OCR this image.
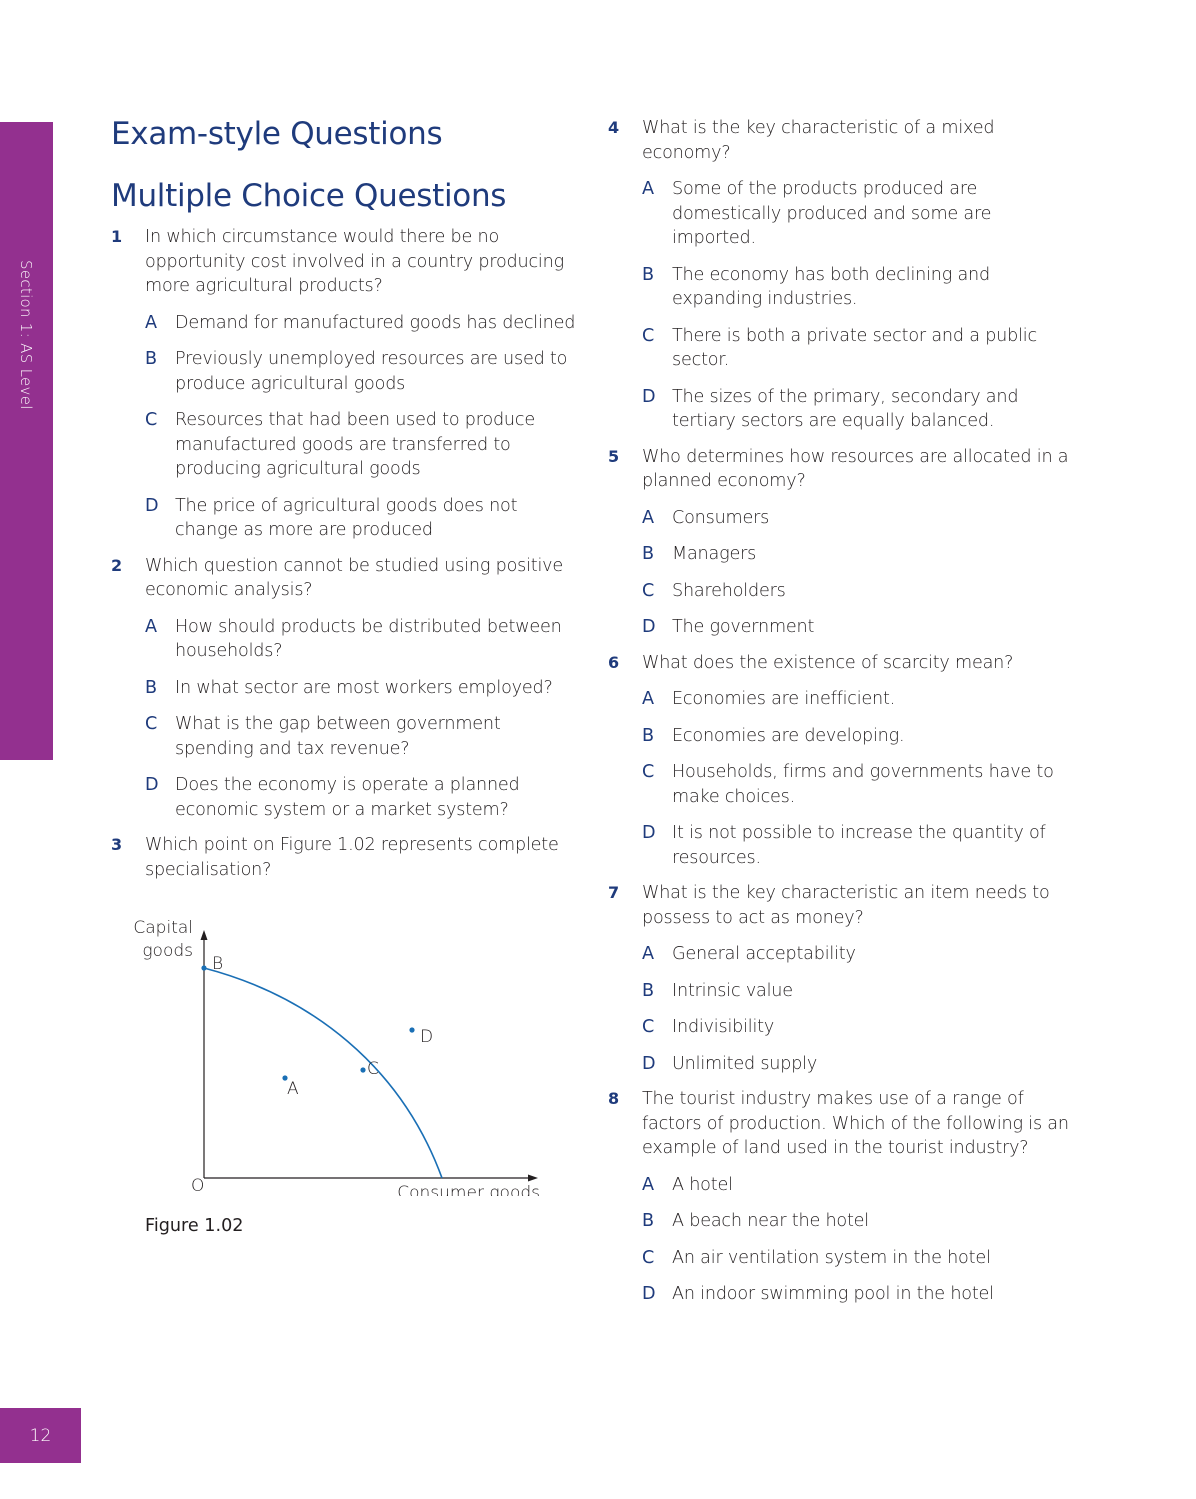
Section 1: AS Level
12
Exam-style Questions
Multiple Choice Questions
1 In which circumstance would there be no opportunity cost involved in a country producing more agricultural products?
A Demand for manufactured goods has declined
B Previously unemployed resources are used to produce agricultural goods
C Resources that had been used to produce manufactured goods are transferred to producing agricultural goods
D The price of agricultural goods does not change as more are produced
2 Which question cannot be studied using positive economic analysis?
A How should products be distributed between households?
B In what sector are most workers employed?
C What is the gap between government spending and tax revenue?
D Does the economy is operate a planned economic system or a market system?
3 Which point on Figure 1.02 represents complete specialisation?
B
C
A
D
Capital
goods
Consumer goods
O
Figure 1.02
4 What is the key characteristic of a mixed economy?
A Some of the products produced are domestically produced and some are imported.
B The economy has both declining and expanding industries.
C There is both a private sector and a public sector.
D The sizes of the primary, secondary and tertiary sectors are equally balanced.
5 Who determines how resources are allocated in a planned economy?
A Consumers
B Managers
C Shareholders
D The government
6 What does the existence of scarcity mean?
A Economies are inefficient.
B Economies are developing.
C Households, firms and governments have to make choices.
D It is not possible to increase the quantity of resources.
7 What is the key characteristic an item needs to possess to act as money?
A General acceptability
B Intrinsic value
C Indivisibility
D Unlimited supply
8 The tourist industry makes use of a range of factors of production. Which of the following is an example of land used in the tourist industry?
A A hotel
B A beach near the hotel
C An air ventilation system in the hotel
D An indoor swimming pool in the hotel
